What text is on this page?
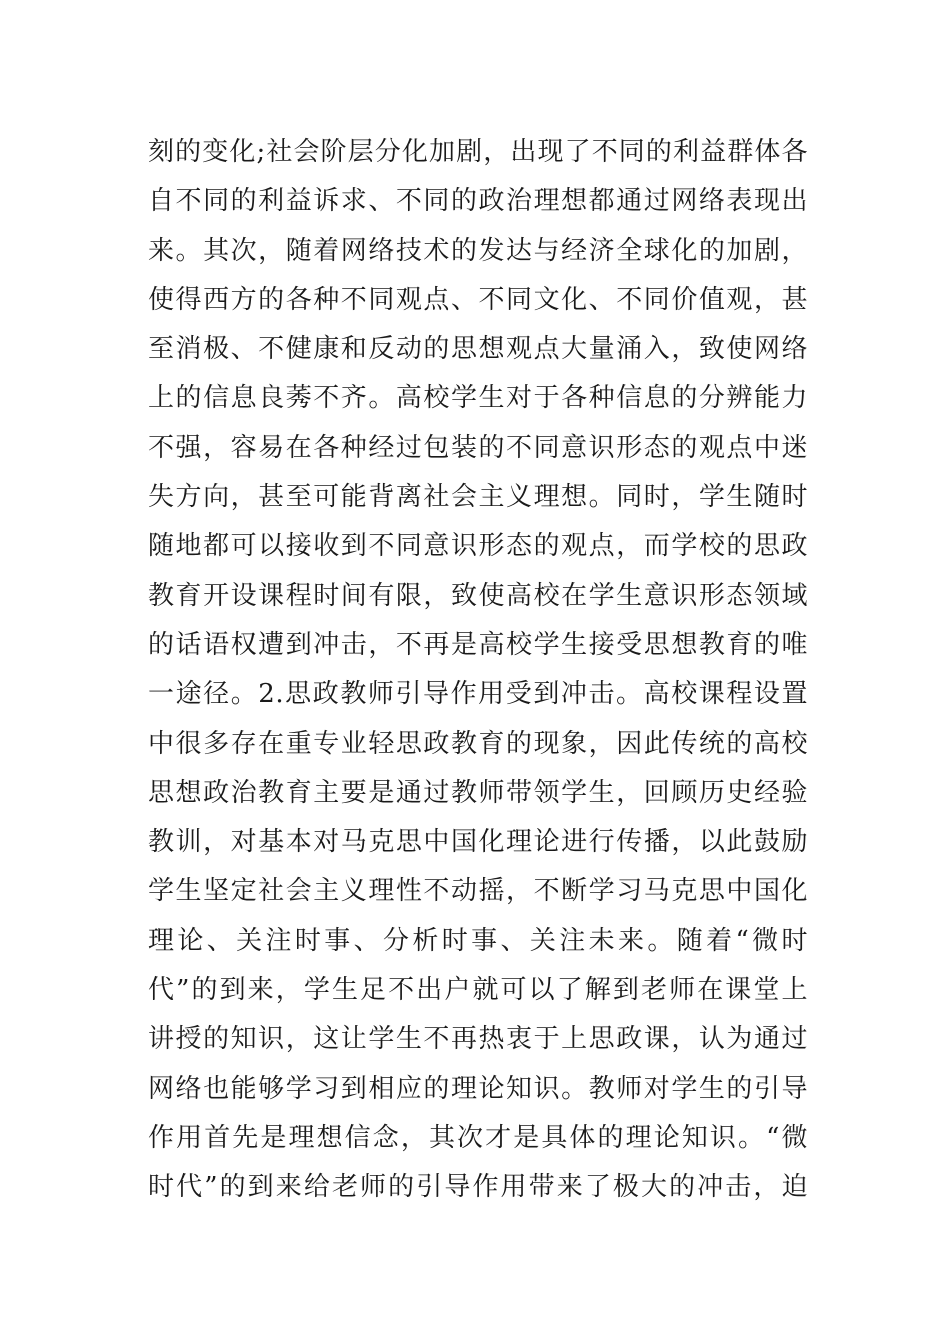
刻的变化;社会阶层分化加剧，出现了不同的利益群体各
自不同的利益诉求、不同的政治理想都通过网络表现出
来。其次，随着网络技术的发达与经济全球化的加剧，
使得西方的各种不同观点、不同文化、不同价值观，甚
至消极、不健康和反动的思想观点大量涌入，致使网络
上的信息良莠不齐。高校学生对于各种信息的分辨能力
不强，容易在各种经过包装的不同意识形态的观点中迷
失方向，甚至可能背离社会主义理想。同时，学生随时
随地都可以接收到不同意识形态的观点，而学校的思政
教育开设课程时间有限，致使高校在学生意识形态领域
的话语权遭到冲击，不再是高校学生接受思想教育的唯
一途径。2.思政教师引导作用受到冲击。高校课程设置
中很多存在重专业轻思政教育的现象，因此传统的高校
思想政治教育主要是通过教师带领学生，回顾历史经验
教训，对基本对马克思中国化理论进行传播，以此鼓励
学生坚定社会主义理性不动摇，不断学习马克思中国化
理论、关注时事、分析时事、关注未来。随着“微时
代”的到来，学生足不出户就可以了解到老师在课堂上
讲授的知识，这让学生不再热衷于上思政课，认为通过
网络也能够学习到相应的理论知识。教师对学生的引导
作用首先是理想信念，其次才是具体的理论知识。“微
时代”的到来给老师的引导作用带来了极大的冲击，迫
